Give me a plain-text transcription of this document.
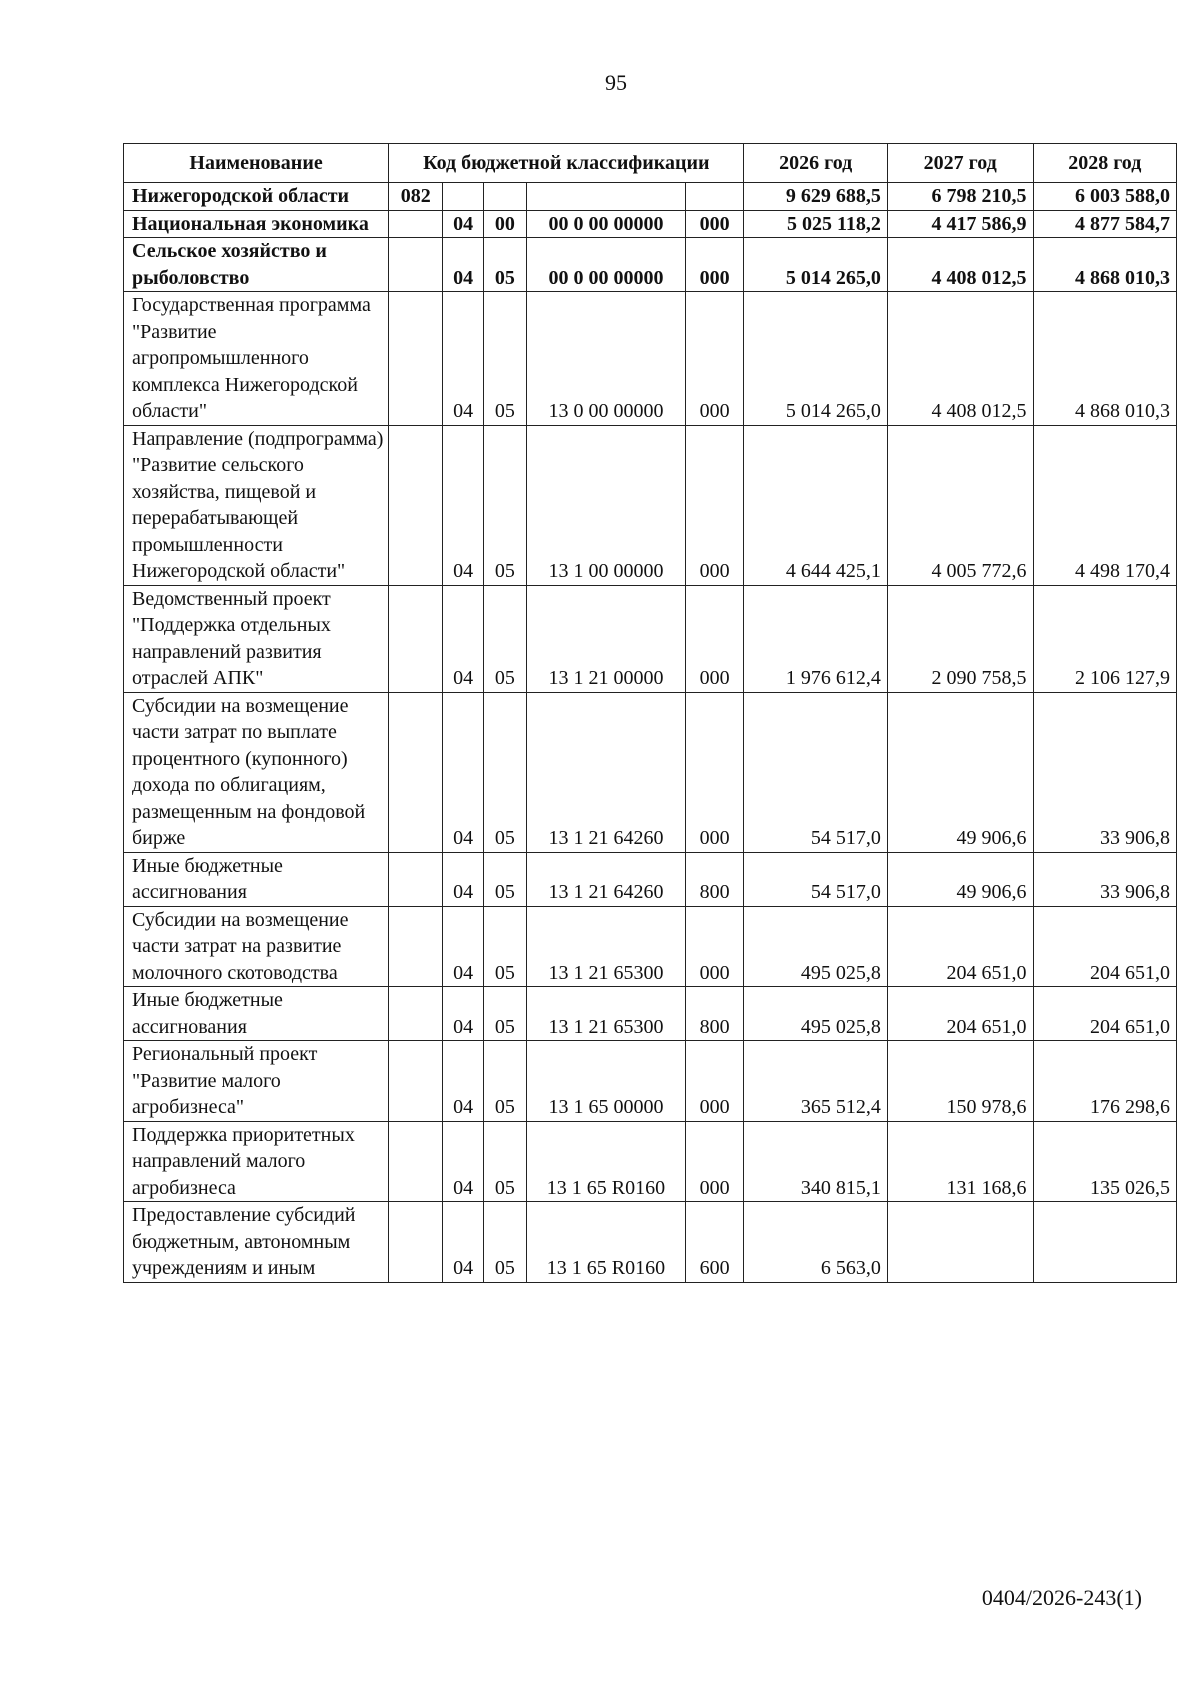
95
Наименование	Код бюджетной классификации					2026 год	2027 год	2028 год
Нижегородской области	082					9 629 688,5	6 798 210,5	6 003 588,0
Национальная экономика		04	00	00 0 00 00000	000	5 025 118,2	4 417 586,9	4 877 584,7
Сельское хозяйство и рыболовство		04	05	00 0 00 00000	000	5 014 265,0	4 408 012,5	4 868 010,3
Государственная программа "Развитие агропромышленного комплекса Нижегородской области"		04	05	13 0 00 00000	000	5 014 265,0	4 408 012,5	4 868 010,3
Направление (подпрограмма) "Развитие сельского хозяйства, пищевой и перерабатывающей промышленности Нижегородской области"		04	05	13 1 00 00000	000	4 644 425,1	4 005 772,6	4 498 170,4
Ведомственный проект "Поддержка отдельных направлений развития отраслей АПК"		04	05	13 1 21 00000	000	1 976 612,4	2 090 758,5	2 106 127,9
Субсидии на возмещение части затрат по выплате процентного (купонного) дохода по облигациям, размещенным на фондовой бирже		04	05	13 1 21 64260	000	54 517,0	49 906,6	33 906,8
Иные бюджетные ассигнования		04	05	13 1 21 64260	800	54 517,0	49 906,6	33 906,8
Субсидии на возмещение части затрат на развитие молочного скотоводства		04	05	13 1 21 65300	000	495 025,8	204 651,0	204 651,0
Иные бюджетные ассигнования		04	05	13 1 21 65300	800	495 025,8	204 651,0	204 651,0
Региональный проект "Развитие малого агробизнеса"		04	05	13 1 65 00000	000	365 512,4	150 978,6	176 298,6
Поддержка приоритетных направлений малого агробизнеса		04	05	13 1 65 R0160	000	340 815,1	131 168,6	135 026,5
Предоставление субсидий бюджетным, автономным учреждениям и иным		04	05	13 1 65 R0160	600	6 563,0		
0404/2026-243(1)
